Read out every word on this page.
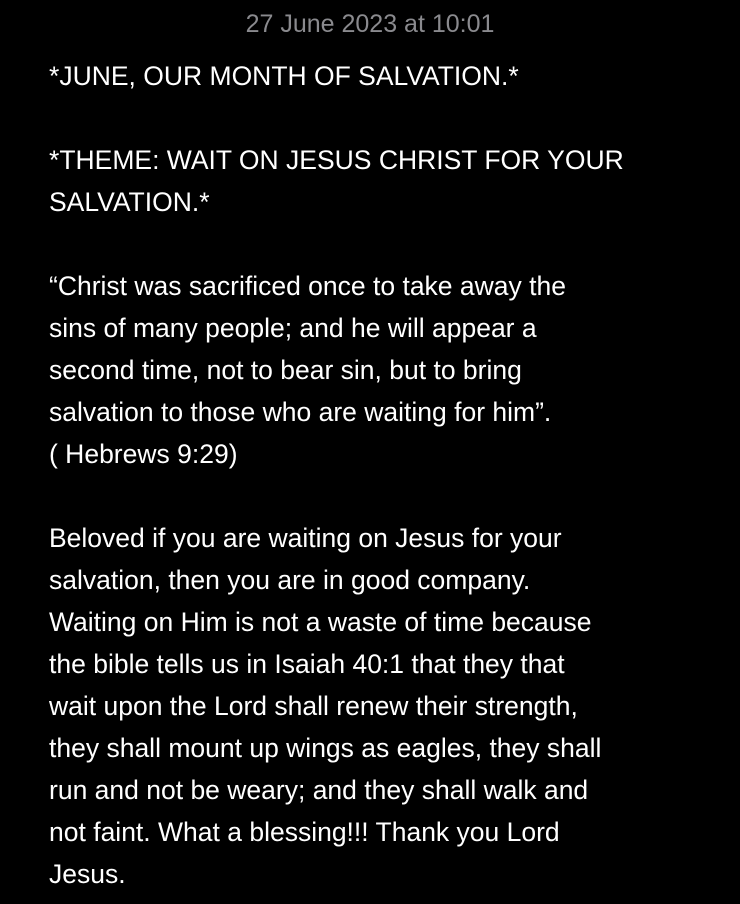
27 June 2023 at 10:01

*JUNE, OUR MONTH OF SALVATION.*

*THEME: WAIT ON JESUS CHRIST FOR YOUR
SALVATION.*

“Christ was sacrificed once to take away the
sins of many people; and he will appear a
second time, not to bear sin, but to bring
salvation to those who are waiting for him”.
( Hebrews 9:29)

Beloved if you are waiting on Jesus for your
salvation, then you are in good company.
Waiting on Him is not a waste of time because
the bible tells us in Isaiah 40:1 that they that
wait upon the Lord shall renew their strength,
they shall mount up wings as eagles, they shall
run and not be weary; and they shall walk and
not faint. What a blessing!!! Thank you Lord
Jesus.
